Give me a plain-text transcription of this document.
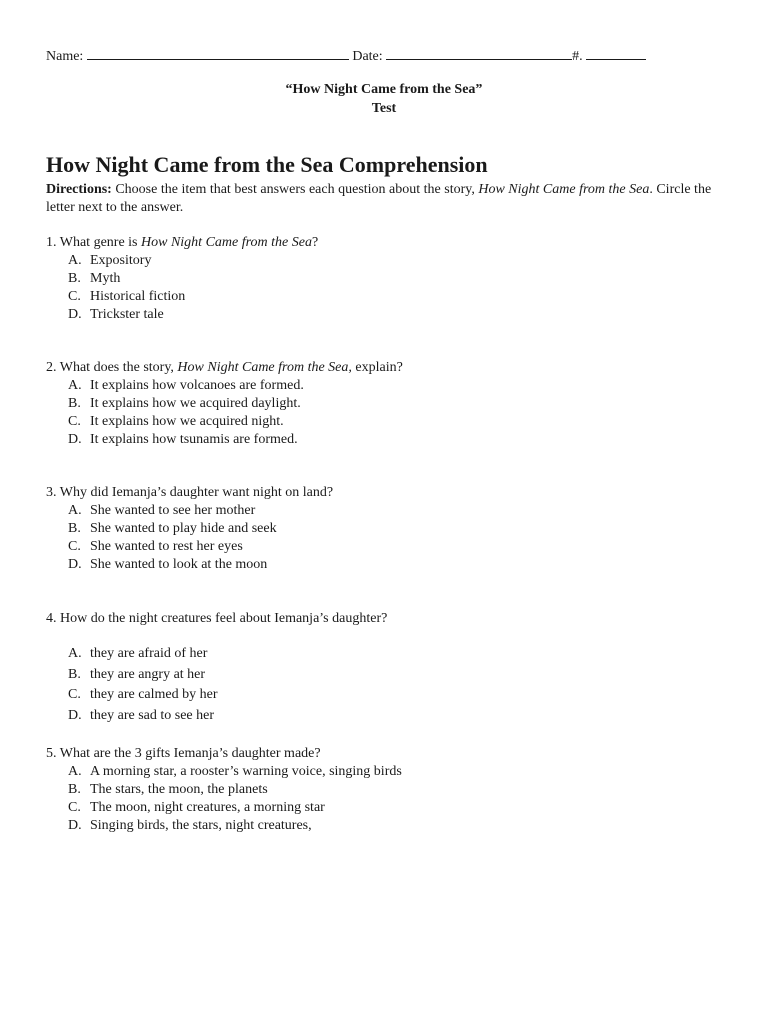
Name:	Date:	#.
“How Night Came from the Sea”
Test
How Night Came from the Sea Comprehension
Directions: Choose the item that best answers each question about the story, How Night Came from the Sea. Circle the letter next to the answer.
1. What genre is How Night Came from the Sea?
A. Expository
B. Myth
C. Historical fiction
D. Trickster tale
2. What does the story, How Night Came from the Sea, explain?
A. It explains how volcanoes are formed.
B. It explains how we acquired daylight.
C. It explains how we acquired night.
D. It explains how tsunamis are formed.
3. Why did Iemanja’s daughter want night on land?
A. She wanted to see her mother
B. She wanted to play hide and seek
C. She wanted to rest her eyes
D. She wanted to look at the moon
4. How do the night creatures feel about Iemanja’s daughter?
A. they are afraid of her
B. they are angry at her
C. they are calmed by her
D. they are sad to see her
5. What are the 3 gifts Iemanja’s daughter made?
A. A morning star, a rooster’s warning voice, singing birds
B. The stars, the moon, the planets
C. The moon, night creatures, a morning star
D. Singing birds, the stars, night creatures,
